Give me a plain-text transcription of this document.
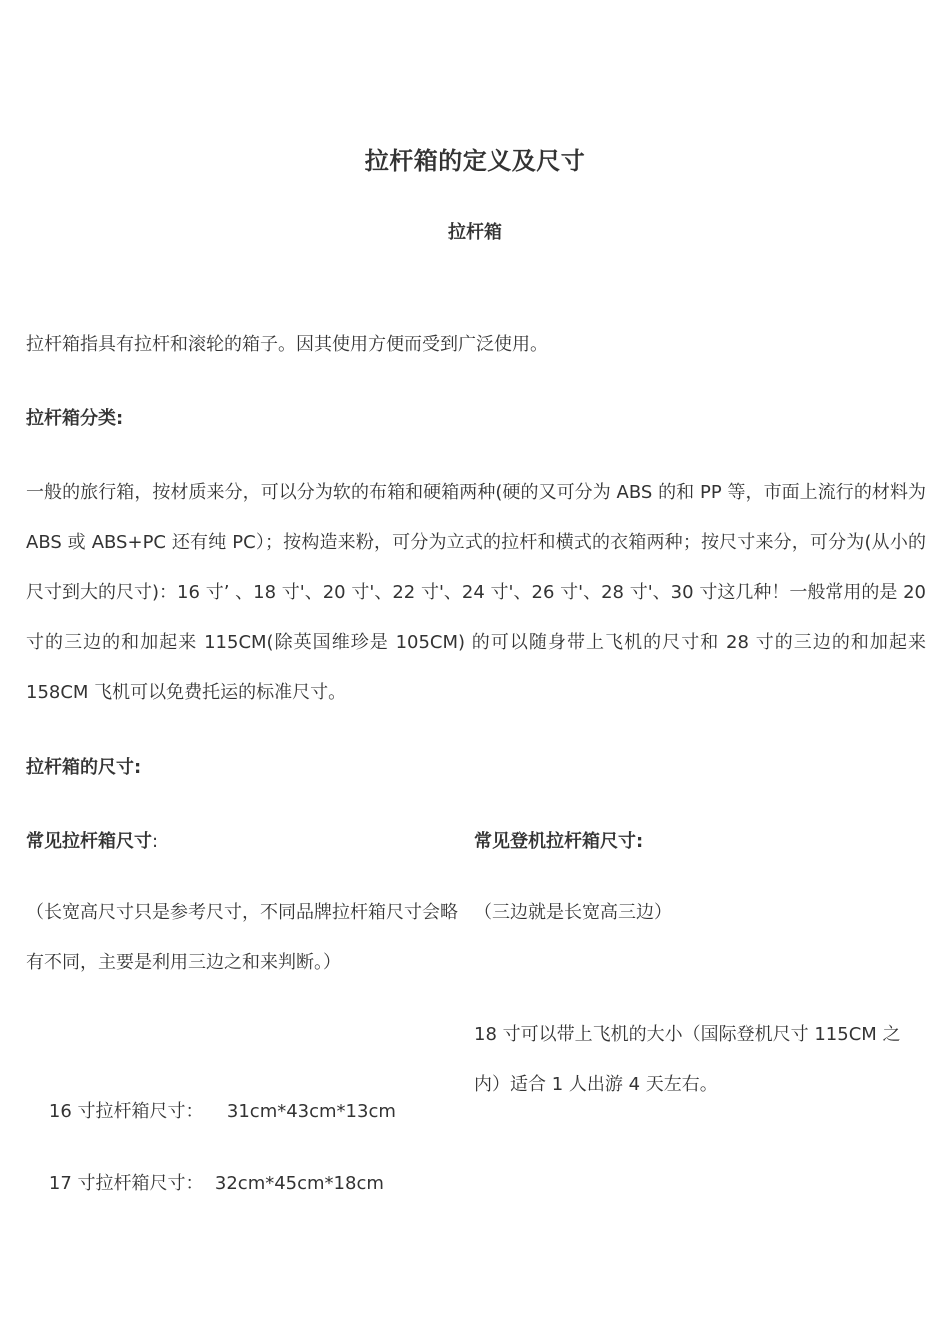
拉杆箱的定义及尺寸
拉杆箱
拉杆箱指具有拉杆和滚轮的箱子。因其使用方便而受到广泛使用。
拉杆箱分类:
一般的旅行箱，按材质来分，可以分为软的布箱和硬箱两种(硬的又可分为 ABS 的和 PP 等，市面上流行的材料为 ABS 或 ABS+PC 还有纯 PC）；按构造来粉，可分为立式的拉杆和横式的衣箱两种；按尺寸来分，可分为(从小的尺寸到大的尺寸)：16 寸’ 、18 寸'、20 寸'、22 寸'、24 寸'、26 寸'、28 寸'、30 寸这几种！一般常用的是 20 寸的三边的和加起来 115CM(除英国维珍是 105CM) 的可以随身带上飞机的尺寸和 28 寸的三边的和加起来 158CM 飞机可以免费托运的标准尺寸。
拉杆箱的尺寸:
常见拉杆箱尺寸:	常见登机拉杆箱尺寸:
（长宽高尺寸只是参考尺寸，不同品牌拉杆箱尺寸会略
有不同，主要是利用三边之和来判断。）
（三边就是长宽高三边）
18 寸可以带上飞机的大小（国际登机尺寸 115CM 之
内）适合 1 人出游 4 天左右。

16 寸拉杆箱尺寸： 31cm*43cm*13cm

17 寸拉杆箱尺寸： 32cm*45cm*18cm
